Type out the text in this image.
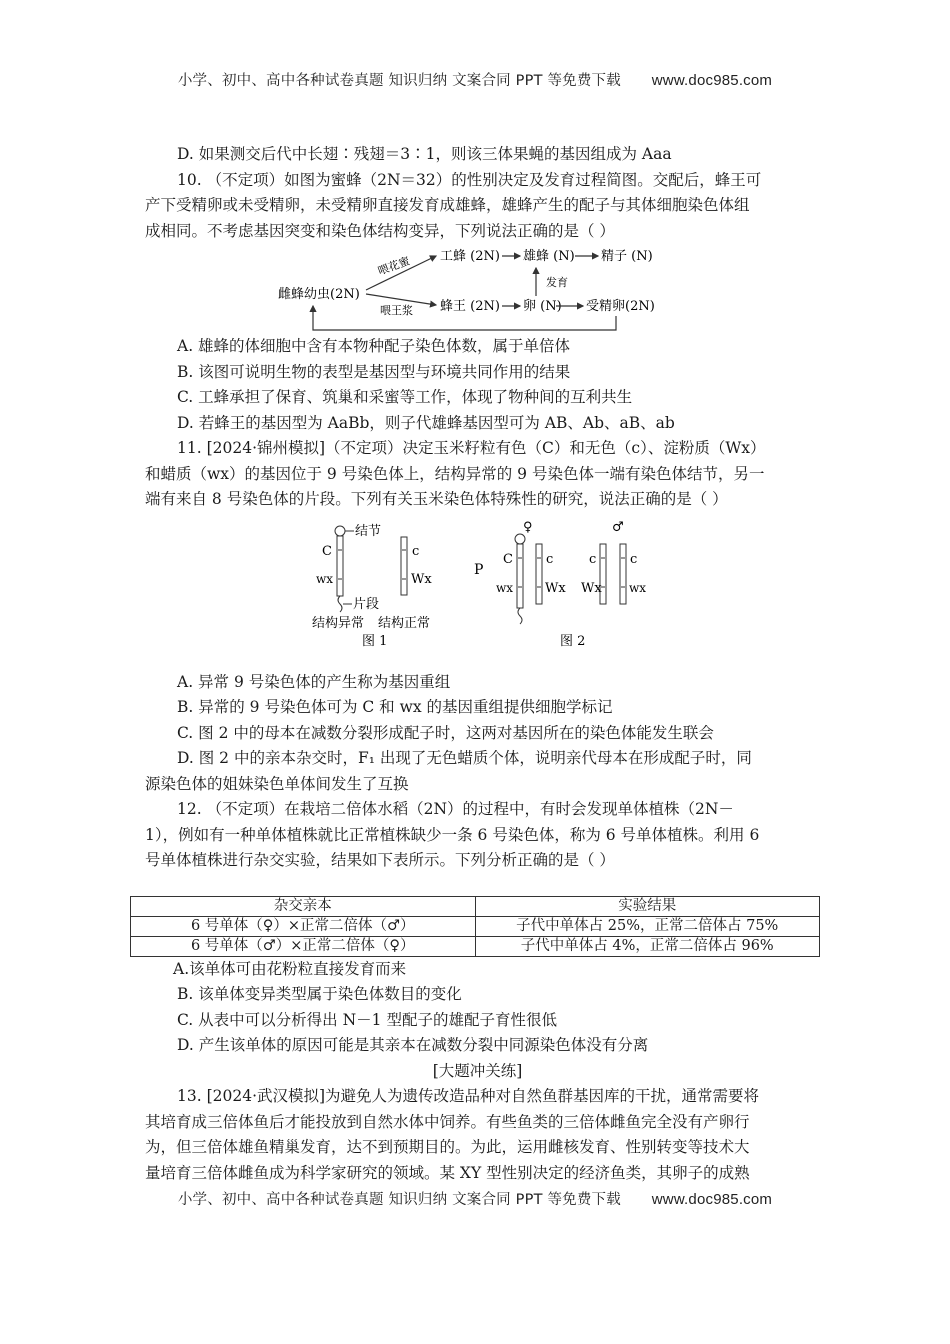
小学、初中、高中各种试卷真题 知识归纳 文案合同 PPT 等免费下载 www.doc985.com
D. 如果测交后代中长翅∶残翅＝3∶1，则该三体果蝇的基因组成为 Aaa
10. （不定项）如图为蜜蜂（2N＝32）的性别决定及发育过程简图。交配后，蜂王可
产下受精卵或未受精卵，未受精卵直接发育成雄蜂，雄蜂产生的配子与其体细胞染色体组
成相同。不考虑基因突变和染色体结构变异，下列说法正确的是（ ）
雌蜂幼虫(2N)
喂花蜜
喂王浆
工蜂 (2N) 雄蜂 (N) 精子 (N)
蜂王 (2N) 卵 (N) 受精卵(2N)
发育
A. 雄蜂的体细胞中含有本物种配子染色体数，属于单倍体
B. 该图可说明生物的表型是基因型与环境共同作用的结果
C. 工蜂承担了保育、筑巢和采蜜等工作，体现了物种间的互利共生
D. 若蜂王的基因型为 AaBb，则子代雄蜂基因型可为 AB、Ab、aB、ab
11. [2024·锦州模拟]（不定项）决定玉米籽粒有色（C）和无色（c）、淀粉质（Wx）
和蜡质（wx）的基因位于 9 号染色体上，结构异常的 9 号染色体一端有染色体结节，另一
端有来自 8 号染色体的片段。下列有关玉米染色体特殊性的研究，说法正确的是（ ）
结节
C
wx
片段
c
Wx
结构异常 结构正常
图 1
P
♀	♂
C
wx
c
Wx
c
Wx
c
wx
图 2
A. 异常 9 号染色体的产生称为基因重组
B. 异常的 9 号染色体可为 C 和 wx 的基因重组提供细胞学标记
C. 图 2 中的母本在减数分裂形成配子时，这两对基因所在的染色体能发生联会
D. 图 2 中的亲本杂交时，F₁ 出现了无色蜡质个体，说明亲代母本在形成配子时，同
源染色体的姐妹染色单体间发生了互换
12. （不定项）在栽培二倍体水稻（2N）的过程中，有时会发现单体植株（2N－
1），例如有一种单体植株就比正常植株缺少一条 6 号染色体，称为 6 号单体植株。利用 6
号单体植株进行杂交实验，结果如下表所示。下列分析正确的是（ ）
杂交亲本	实验结果
6 号单体（♀）×正常二倍体（♂）	子代中单体占 25%，正常二倍体占 75%
6 号单体（♂）×正常二倍体（♀）	子代中单体占 4%，正常二倍体占 96%
A.该单体可由花粉粒直接发育而来
B. 该单体变异类型属于染色体数目的变化
C. 从表中可以分析得出 N－1 型配子的雄配子育性很低
D. 产生该单体的原因可能是其亲本在减数分裂中同源染色体没有分离
[大题冲关练]
13. [2024·武汉模拟]为避免人为遗传改造品种对自然鱼群基因库的干扰，通常需要将
其培育成三倍体鱼后才能投放到自然水体中饲养。有些鱼类的三倍体雌鱼完全没有产卵行
为，但三倍体雄鱼精巢发育，达不到预期目的。为此，运用雌核发育、性别转变等技术大
量培育三倍体雌鱼成为科学家研究的领域。某 XY 型性别决定的经济鱼类，其卵子的成熟
小学、初中、高中各种试卷真题 知识归纳 文案合同 PPT 等免费下载 www.doc985.com
